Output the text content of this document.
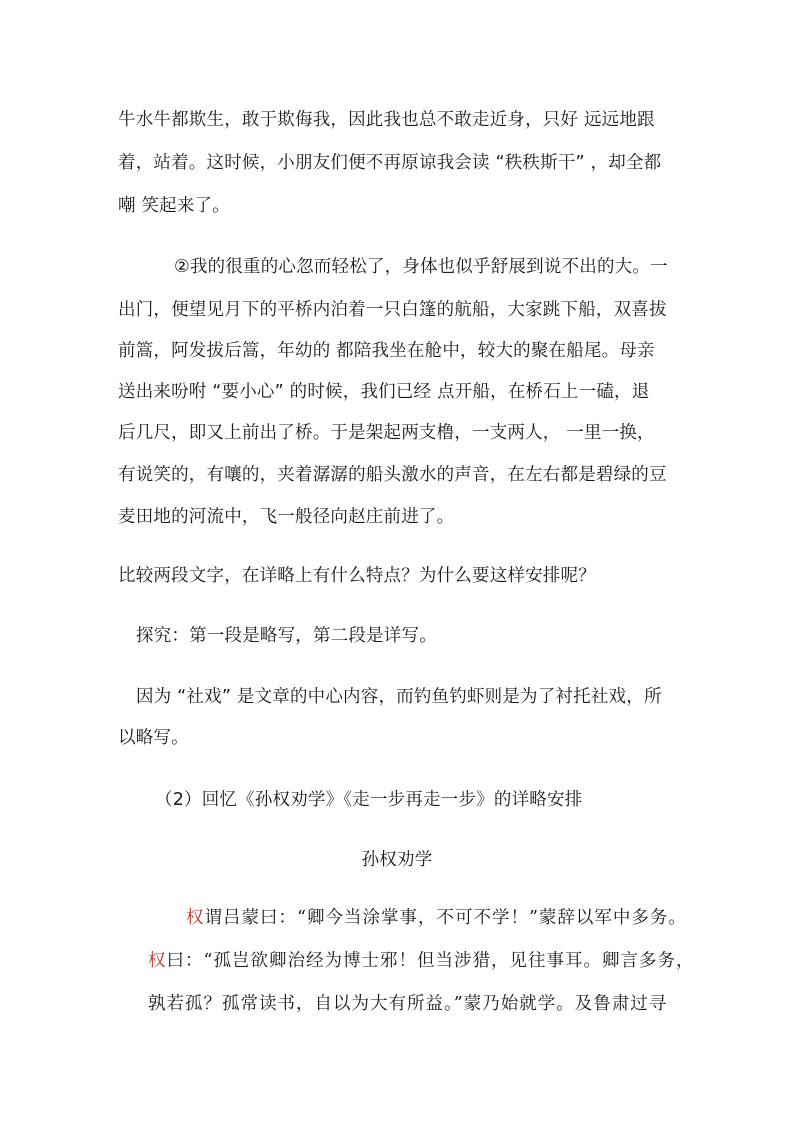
牛水牛都欺生，敢于欺侮我，因此我也总不敢走近身，只好 远远地跟
着，站着。这时候，小朋友们便不再原谅我会读 “秩秩斯干” ，却全都
嘲 笑起来了。
②我的很重的心忽而轻松了，身体也似乎舒展到说不出的大。一
出门，便望见月下的平桥内泊着一只白篷的航船，大家跳下船，双喜拔
前篙，阿发拔后篙，年幼的 都陪我坐在舱中，较大的聚在船尾。母亲
送出来吩咐 “要小心” 的时候，我们已经 点开船，在桥石上一磕，退
后几尺，即又上前出了桥。于是架起两支橹，一支两人， 一里一换，
有说笑的，有嚷的，夹着潺潺的船头激水的声音，在左右都是碧绿的豆
麦田地的河流中，飞一般径向赵庄前进了。
比较两段文字，在详略上有什么特点？为什么要这样安排呢？
探究：第一段是略写，第二段是详写。
因为 “社戏” 是文章的中心内容，而钓鱼钓虾则是为了衬托社戏，所
以略写。
（2）回忆《孙权劝学》《走一步再走一步》的详略安排
孙权劝学
权谓吕蒙曰：“卿今当涂掌事，不可不学！”蒙辞以军中多务。
权曰：“孤岂欲卿治经为博士邪！但当涉猎，见往事耳。卿言多务，
孰若孤？孤常读书，自以为大有所益。”蒙乃始就学。及鲁肃过寻
